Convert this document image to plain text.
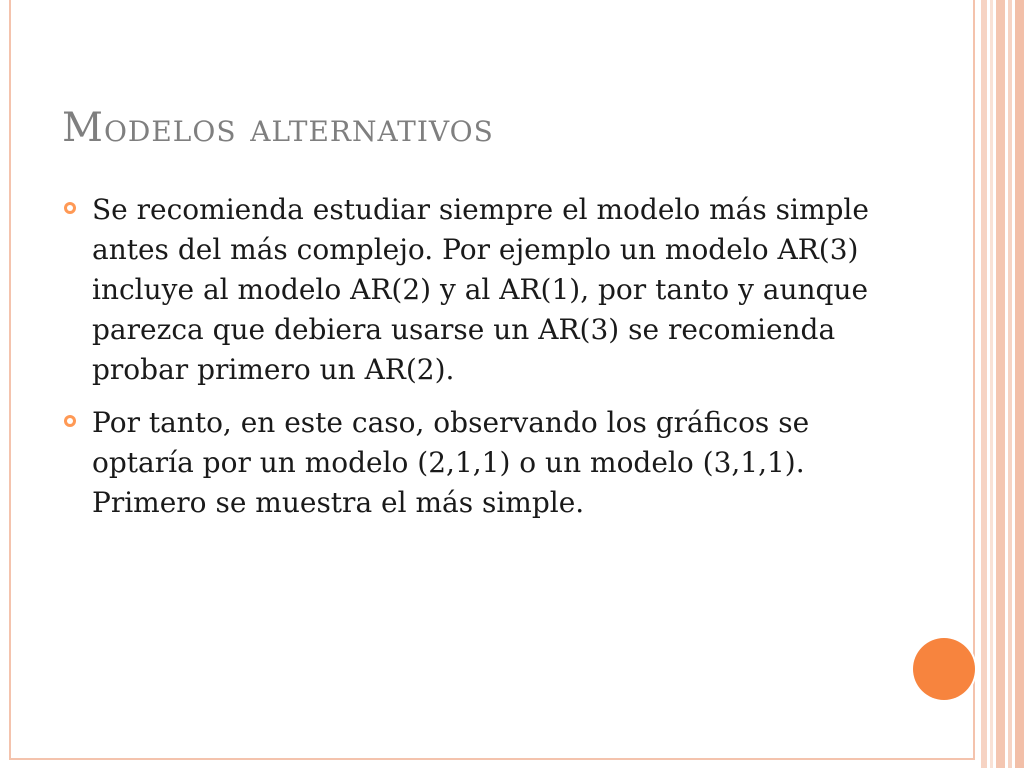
Modelos alternativos
Se recomienda estudiar siempre el modelo más simple antes del más complejo. Por ejemplo un modelo AR(3) incluye al modelo AR(2) y al AR(1), por tanto y aunque parezca que debiera usarse un AR(3) se recomienda probar primero un AR(2).
Por tanto, en este caso, observando los gráficos se optaría por un modelo (2,1,1) o un modelo (3,1,1). Primero se muestra el más simple.
